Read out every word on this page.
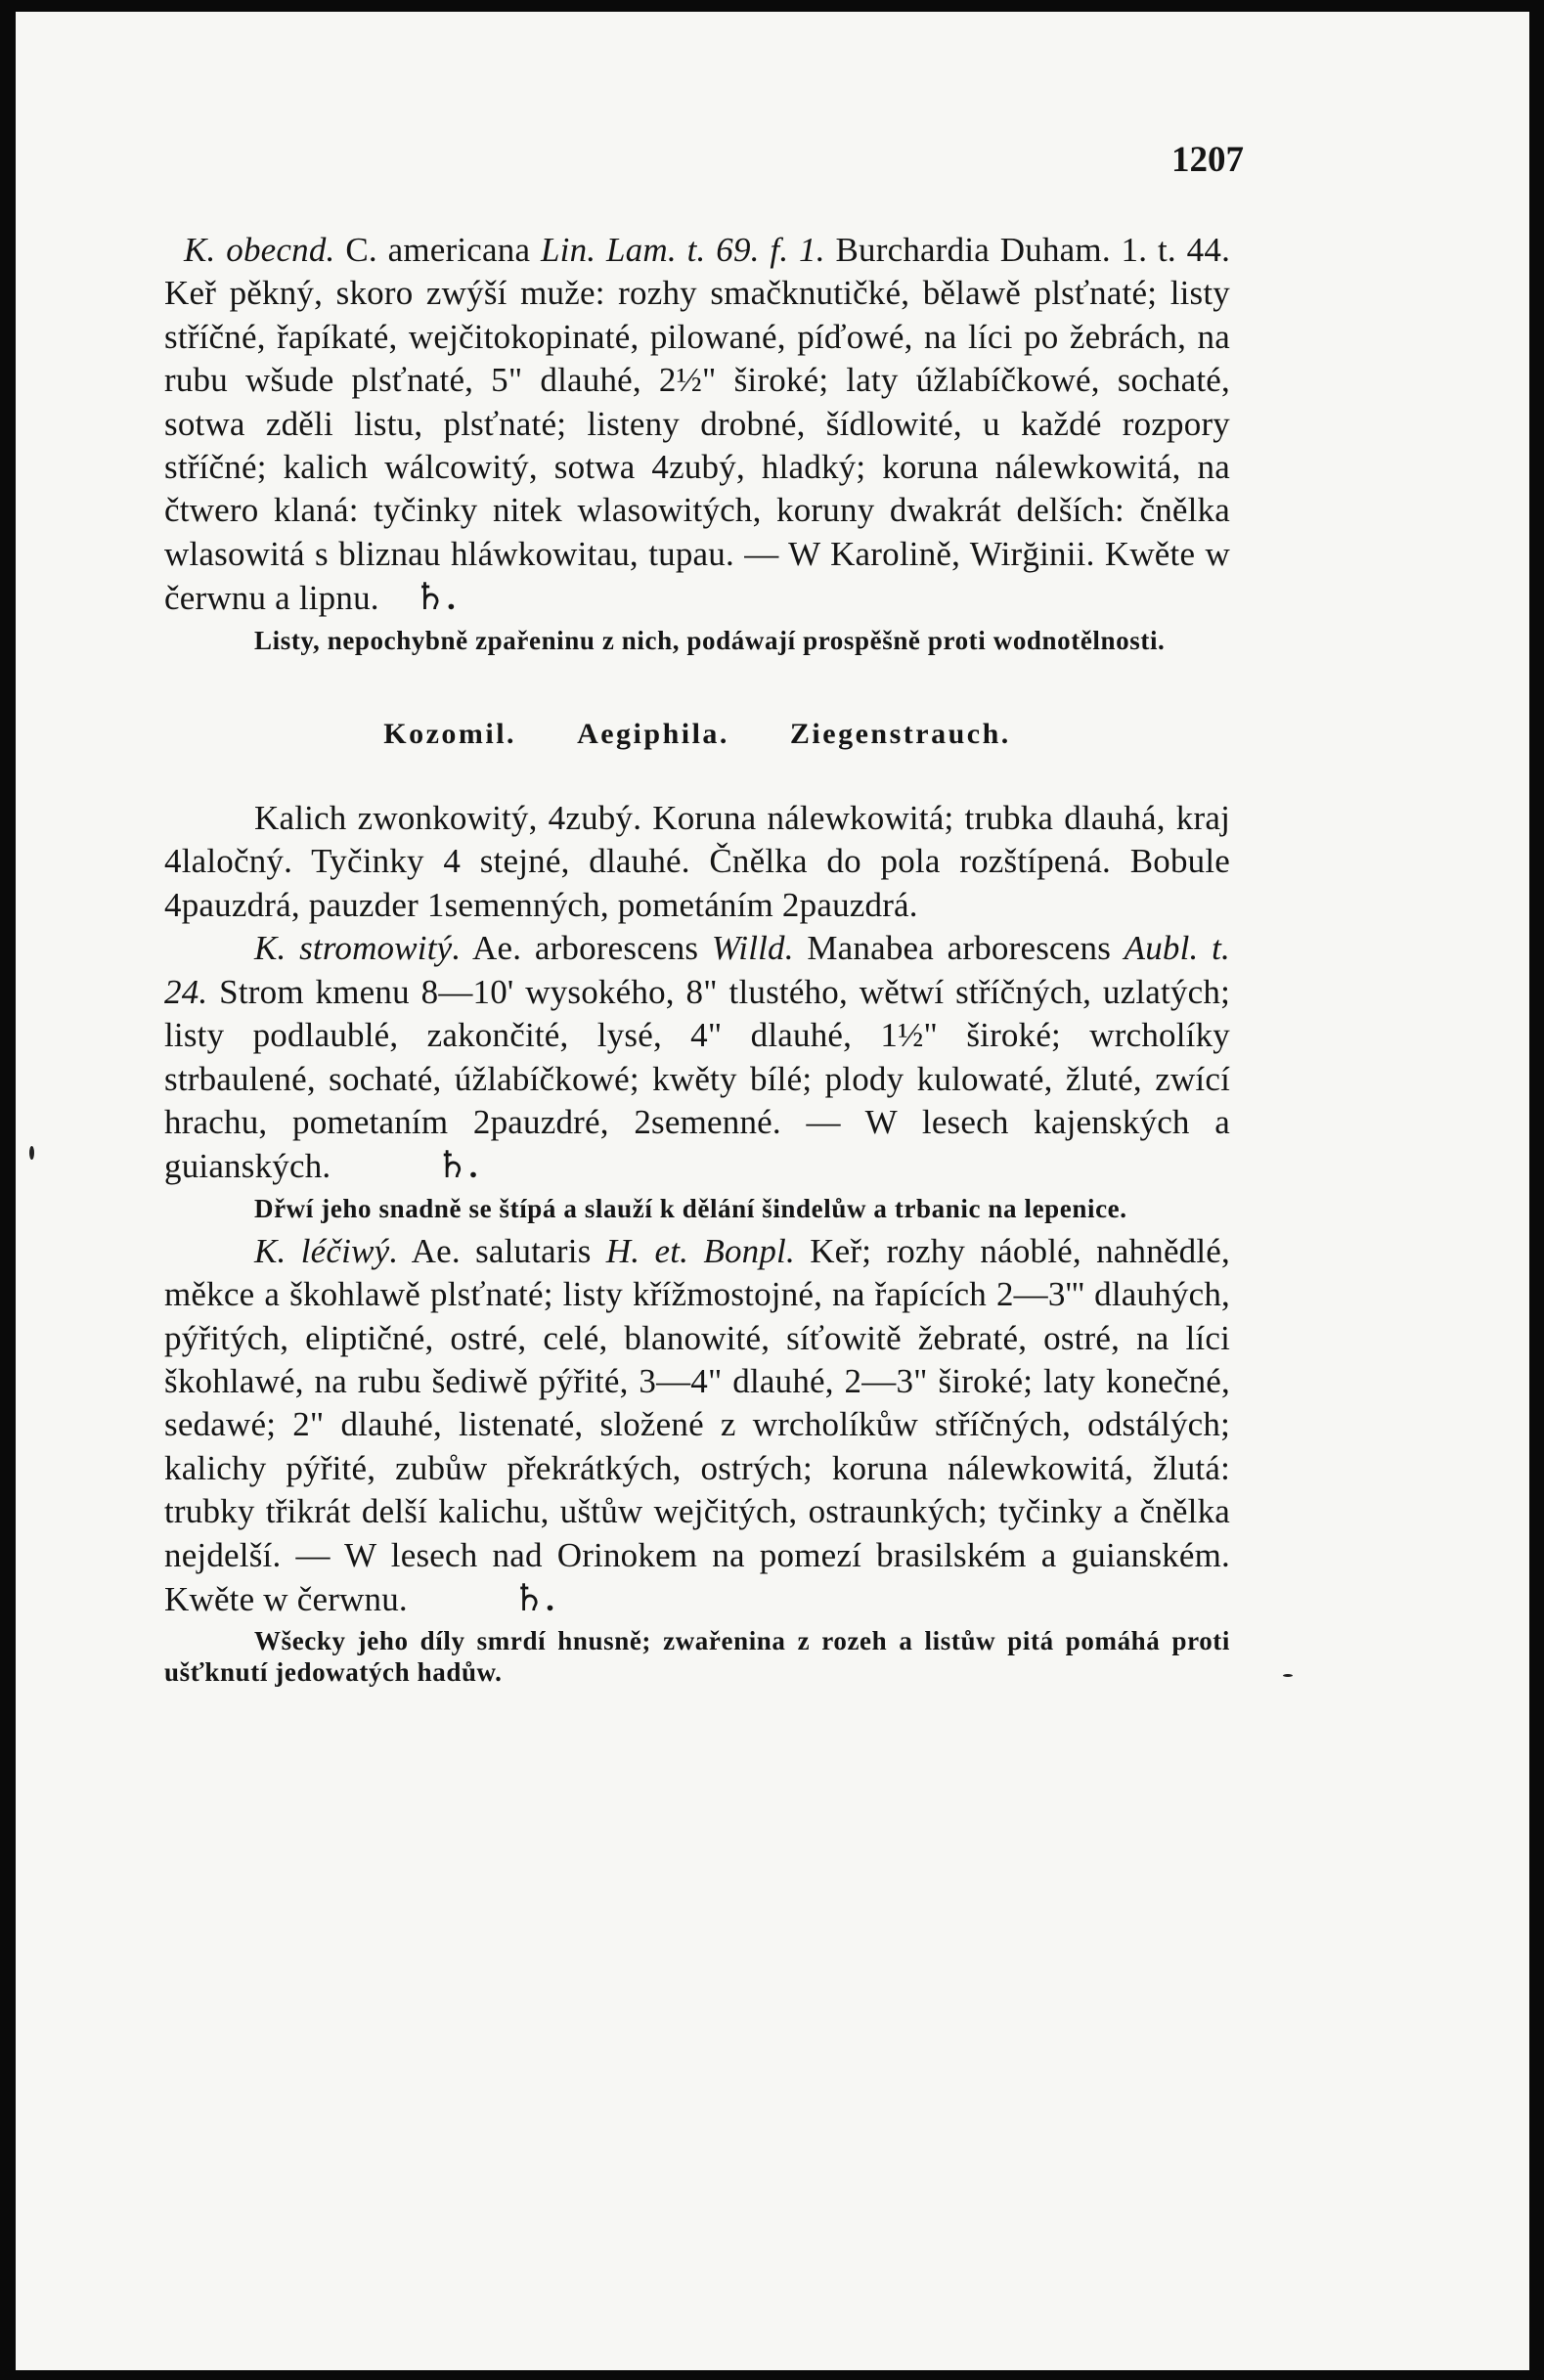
1207

K. obecnd. C. americana Lin. Lam. t. 69. f. 1. Burchardia Duham. 1. t. 44. Keř pěkný, skoro zwýší muže: rozhy smačknutičké, bělawě plsťnaté; listy stříčné, řapíkaté, wejčitokopinaté, pilowané, píďowé, na líci po žebrách, na rubu wšude plsťnaté, 5" dlauhé, 2½" široké; laty úžlabíčkowé, sochaté, sotwa zděli listu, plsťnaté; listeny drobné, šídlowité, u každé rozpory stříčné; kalich wálcowitý, sotwa 4zubý, hladký; koruna nálewkowitá, na čtwero klaná: tyčinky nitek wlasowitých, koruny dwakrát delších: čnělka wlasowitá s bliznau hláwkowitau, tupau. — W Karolině, Wirğinii. Kwěte w čerwnu a lipnu. ♄.

Listy, nepochybně zpařeninu z nich, podáwají prospěšně proti wodnotělnosti.

Kozomil. Aegiphila. Ziegenstrauch.

Kalich zwonkowitý, 4zubý. Koruna nálewkowitá; trubka dlauhá, kraj 4laločný. Tyčinky 4 stejné, dlauhé. Čnělka do pola rozštípená. Bobule 4pauzdrá, pauzder 1semenných, pometáním 2pauzdrá.

K. stromowitý. Ae. arborescens Willd. Manabea arborescens Aubl. t. 24. Strom kmenu 8—10' wysokého, 8" tlustého, wětwí stříčných, uzlatých; listy podlaublé, zakončité, lysé, 4" dlauhé, 1½" široké; wrcholíky strbaulené, sochaté, úžlabíčkowé; kwěty bílé; plody kulowaté, žluté, zwící hrachu, pometaním 2pauzdré, 2semenné. — W lesech kajenských a guianských.	♄.

Dřwí jeho snadně se štípá a slauží k dělání šindelůw a trbanic na lepenice.

K. léčiwý. Ae. salutaris H. et. Bonpl. Keř; rozhy náoblé, nahnědlé, měkce a škohlawě plsťnaté; listy křížmostojné, na řapících 2—3''' dlauhých, pýřitých, eliptičné, ostré, celé, blanowité, síťowitě žebraté, ostré, na líci škohlawé, na rubu šediwě pýřité, 3—4" dlauhé, 2—3" široké; laty konečné, sedawé; 2" dlauhé, listenaté, složené z wrcholíkůw stříčných, odstálých; kalichy pýřité, zubůw překrátkých, ostrých; koruna nálewkowitá, žlutá: trubky třikrát delší kalichu, uštůw wejčitých, ostraunkých; tyčinky a čnělka nejdelší. — W lesech nad Orinokem na pomezí brasilském a guianském. Kwěte w čerwnu.	♄.

Wšecky jeho díly smrdí hnusně; zwařenina z rozeh a listůw pitá pomáhá proti ušťknutí jedowatých hadůw.
